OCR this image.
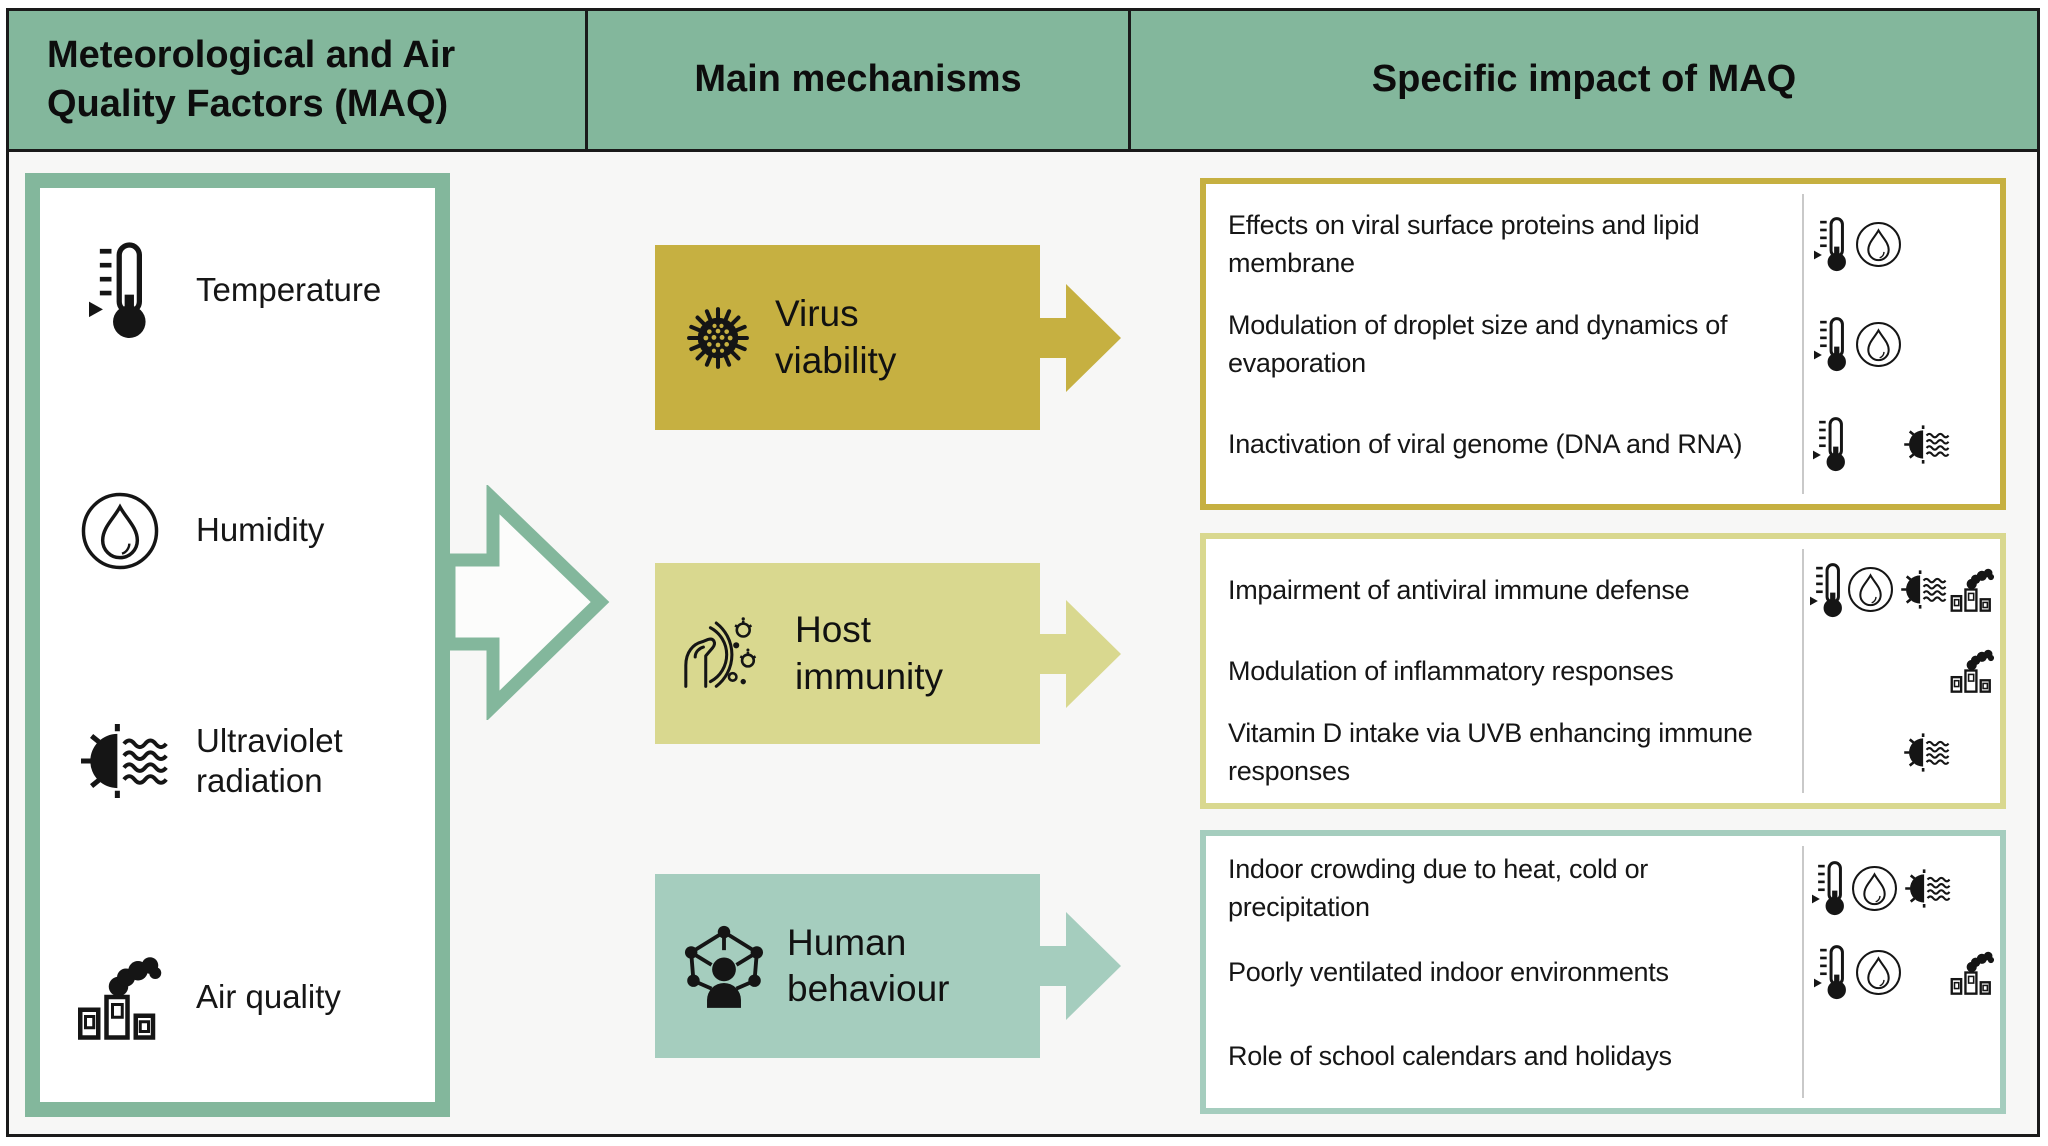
Meteorological and Air Quality Factors (MAQ)
Main mechanisms	Specific impact of MAQ
Temperature
Humidity
Ultraviolet radiation
Air quality
Virus viability
Host immunity
Human behaviour
Effects on viral surface proteins and lipid membrane
Modulation of droplet size and dynamics of evaporation
Inactivation of viral genome (DNA and RNA)
Impairment of antiviral immune defense
Modulation of inflammatory responses
Vitamin D intake via UVB enhancing immune responses
Indoor crowding due to heat, cold or precipitation
Poorly ventilated indoor environments
Role of school calendars and holidays
